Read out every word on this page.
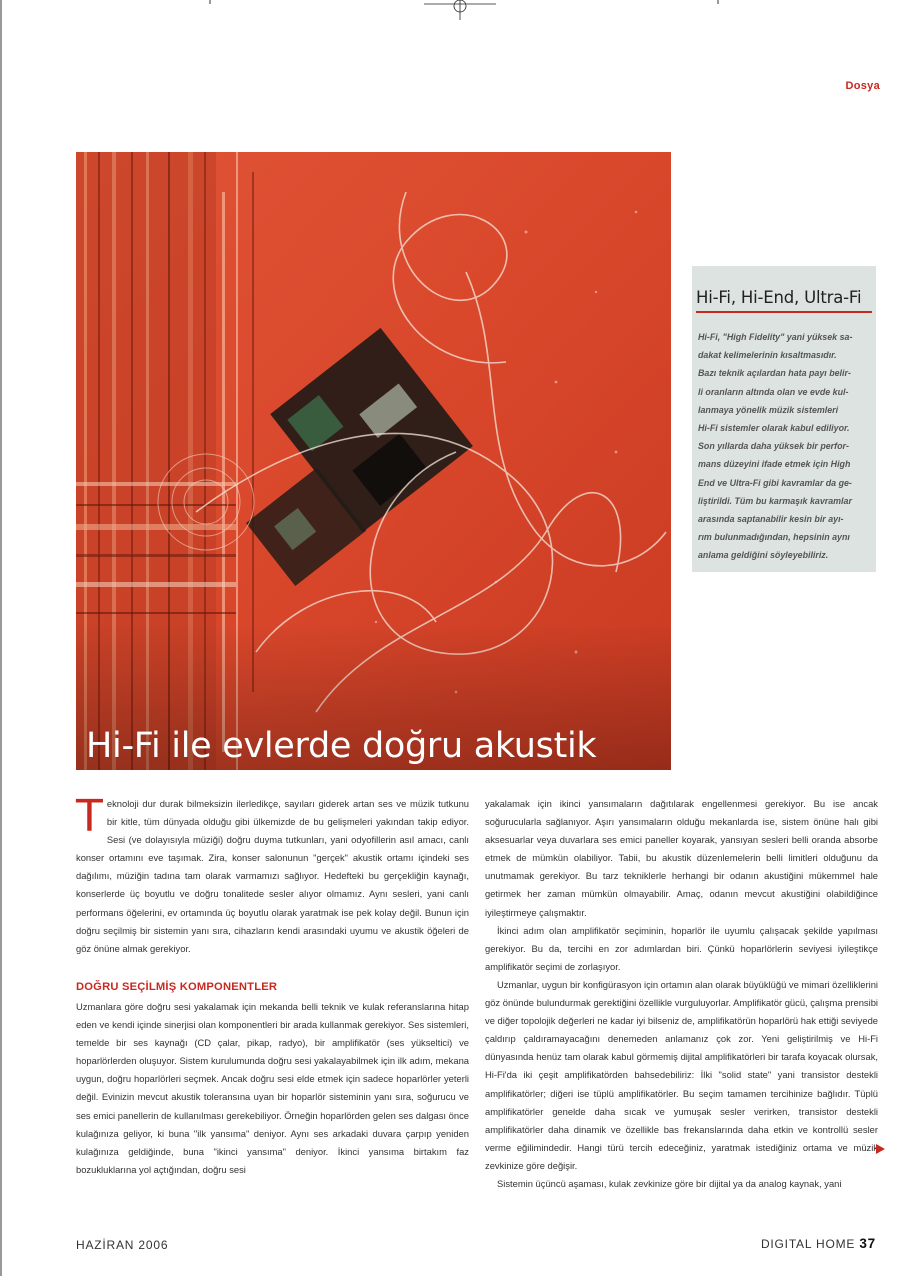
Dosya
Hi-Fi ile evlerde doğru akustik
Hi-Fi, Hi-End, Ultra-Fi
Hi-Fi, "High Fidelity" yani yüksek sa-
dakat kelimelerinin kısaltmasıdır.
Bazı teknik açılardan hata payı belir-
li oranların altında olan ve evde kul-
lanmaya yönelik müzik sistemleri
Hi-Fi sistemler olarak kabul ediliyor.
Son yıllarda daha yüksek bir perfor-
mans düzeyini ifade etmek için High
End ve Ultra-Fi gibi kavramlar da ge-
liştirildi. Tüm bu karmaşık kavramlar
arasında saptanabilir kesin bir ayı-
rım bulunmadığından, hepsinin aynı
anlama geldiğini söyleyebiliriz.

Teknoloji dur durak bilmeksizin ilerledikçe, sayıları giderek artan ses ve müzik tutkunu bir kitle, tüm dünyada olduğu gibi ülkemizde de bu gelişmeleri yakından takip ediyor. Sesi (ve dolayısıyla müziği) doğru duyma tutkunları, yani odyofillerin asıl amacı, canlı konser ortamını eve taşımak. Zira, konser salonunun "gerçek" akustik ortamı içindeki ses dağılımı, müziğin tadına tam olarak varmamızı sağlıyor. Hedefteki bu gerçekliğin kaynağı, konserlerde üç boyutlu ve doğru tonalitede sesler alıyor olmamız. Aynı sesleri, yani canlı performans öğelerini, ev ortamında üç boyutlu olarak yaratmak ise pek kolay değil. Bunun için doğru seçilmiş bir sistemin yanı sıra, cihazların kendi arasındaki uyumu ve akustik öğeleri de göz önüne almak gerekiyor.

DOĞRU SEÇİLMİŞ KOMPONENTLER

Uzmanlara göre doğru sesi yakalamak için mekanda belli teknik ve kulak referanslarına hitap eden ve kendi içinde sinerjisi olan komponentleri bir arada kullanmak gerekiyor. Ses sistemleri, temelde bir ses kaynağı (CD çalar, pikap, radyo), bir amplifikatör (ses yükseltici) ve hoparlörlerden oluşuyor. Sistem kurulumunda doğru sesi yakalayabilmek için ilk adım, mekana uygun, doğru hoparlörleri seçmek. Ancak doğru sesi elde etmek için sadece hoparlörler yeterli değil. Evinizin mevcut akustik toleransına uyan bir hoparlör sisteminin yanı sıra, soğurucu ve ses emici panellerin de kullanılması gerekebiliyor. Örneğin hoparlörden gelen ses dalgası önce kulağınıza geliyor, ki buna "ilk yansıma" deniyor. Aynı ses arkadaki duvara çarpıp yeniden kulağınıza geldiğinde, buna "ikinci yansıma" deniyor. İkinci yansıma birtakım faz bozukluklarına yol açtığından, doğru sesi

yakalamak için ikinci yansımaların dağıtılarak engellenmesi gerekiyor. Bu ise ancak soğurucularla sağlanıyor. Aşırı yansımaların olduğu mekanlarda ise, sistem önüne halı gibi aksesuarlar veya duvarlara ses emici paneller koyarak, yansıyan sesleri belli oranda absorbe etmek de mümkün olabiliyor. Tabii, bu akustik düzenlemelerin belli limitleri olduğunu da unutmamak gerekiyor. Bu tarz tekniklerle herhangi bir odanın akustiğini mükemmel hale getirmek her zaman mümkün olmayabilir. Amaç, odanın mevcut akustiğini olabildiğince iyileştirmeye çalışmaktır.

İkinci adım olan amplifikatör seçiminin, hoparlör ile uyumlu çalışacak şekilde yapılması gerekiyor. Bu da, tercihi en zor adımlardan biri. Çünkü hoparlörlerin seviyesi iyileştikçe amplifikatör seçimi de zorlaşıyor.

Uzmanlar, uygun bir konfigürasyon için ortamın alan olarak büyüklüğü ve mimari özelliklerini göz önünde bulundurmak gerektiğini özellikle vurguluyorlar. Amplifikatör gücü, çalışma prensibi ve diğer topolojik değerleri ne kadar iyi bilseniz de, amplifikatörün hoparlörü hak ettiği seviyede çaldırıp çaldıramayacağını denemeden anlamanız çok zor. Yeni geliştirilmiş ve Hi-Fi dünyasında henüz tam olarak kabul görmemiş dijital amplifikatörleri bir tarafa koyacak olursak, Hi-Fi'da iki çeşit amplifikatörden bahsedebiliriz: İlki "solid state" yani transistor destekli amplifikatörler; diğeri ise tüplü amplifikatörler. Bu seçim tamamen tercihinize bağlıdır. Tüplü amplifikatörler genelde daha sıcak ve yumuşak sesler verirken, transistor destekli amplifikatörler daha dinamik ve özellikle bas frekanslarında daha etkin ve kontrollü sesler verme eğilimindedir. Hangi türü tercih edeceğiniz, yaratmak istediğiniz ortama ve müzik zevkinize göre değişir.

Sistemin üçüncü aşaması, kulak zevkinize göre bir dijital ya da analog kaynak, yani

HAZİRAN 2006	DIGITAL HOME 37
